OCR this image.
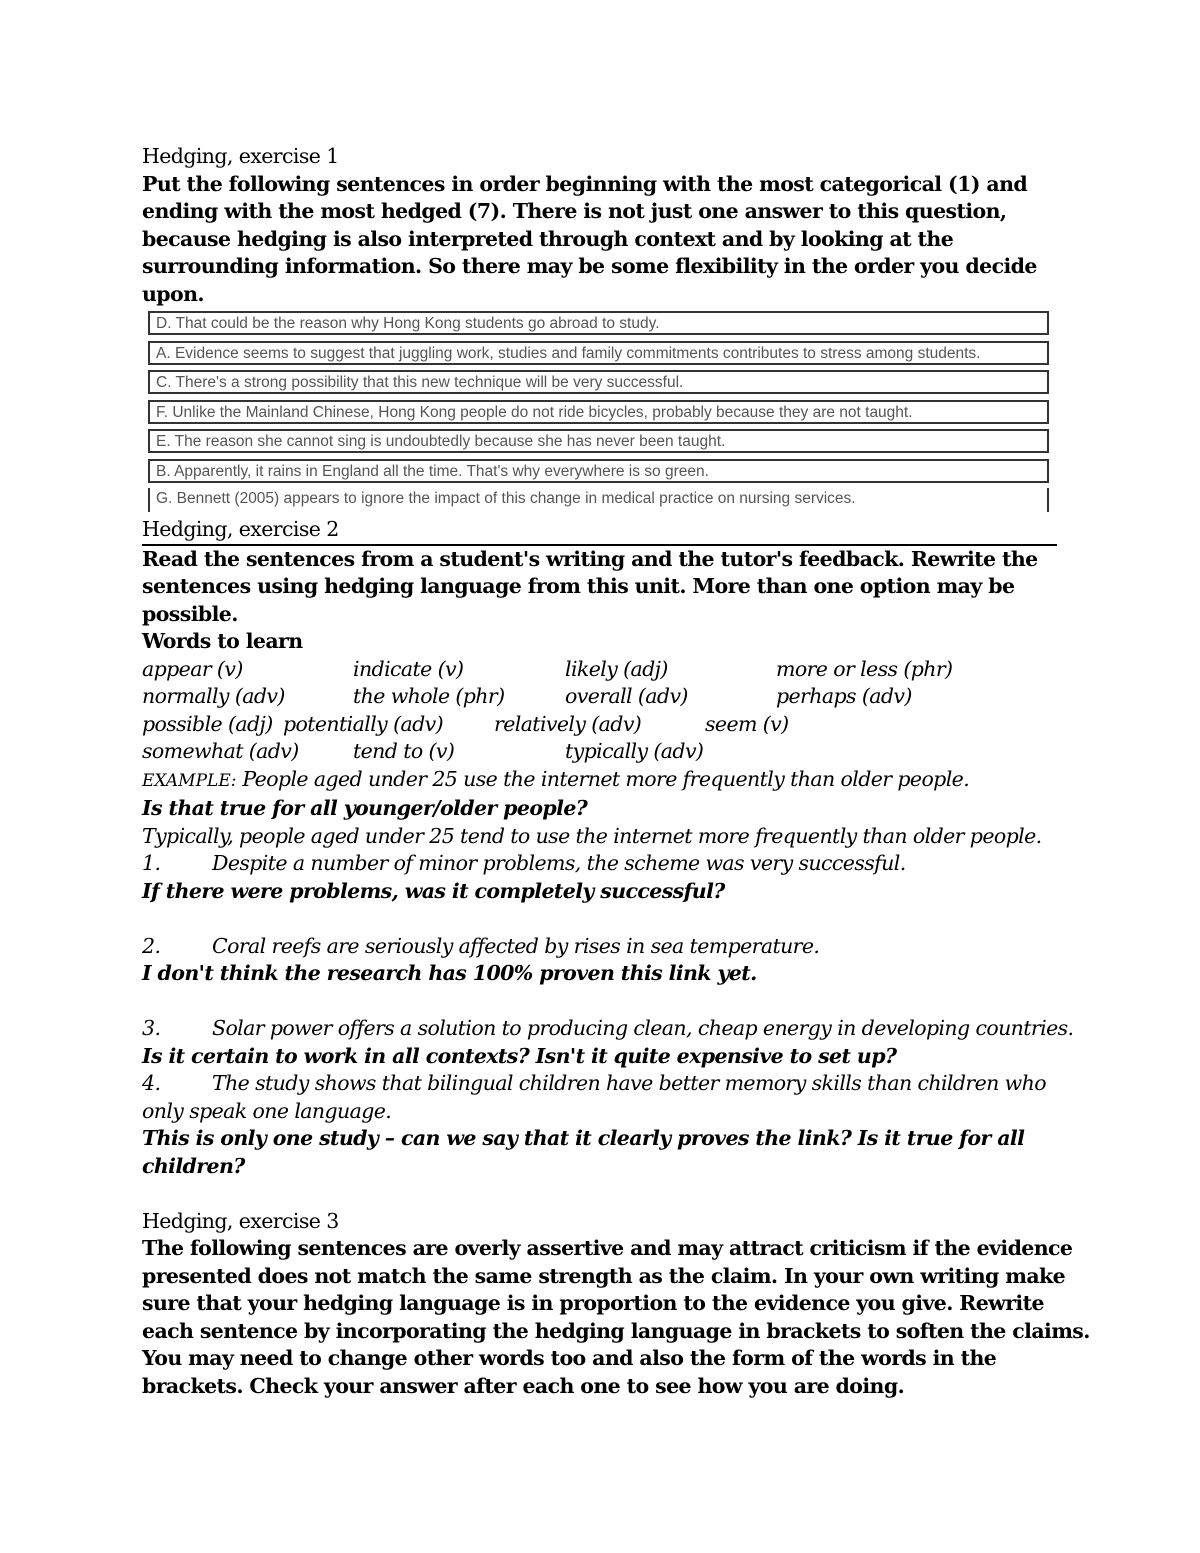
Hedging, exercise 1
Put the following sentences in order beginning with the most categorical (1) and
ending with the most hedged (7). There is not just one answer to this question,
because hedging is also interpreted through context and by looking at the
surrounding information. So there may be some flexibility in the order you decide
upon.
D. That could be the reason why Hong Kong students go abroad to study.
A. Evidence seems to suggest that juggling work, studies and family commitments contributes to stress among students.
C. There's a strong possibility that this new technique will be very successful.
F. Unlike the Mainland Chinese, Hong Kong people do not ride bicycles, probably because they are not taught.
E. The reason she cannot sing is undoubtedly because she has never been taught.
B. Apparently, it rains in England all the time. That's why everywhere is so green.
G. Bennett (2005) appears to ignore the impact of this change in medical practice on nursing services.
Hedging, exercise 2
Read the sentences from a student's writing and the tutor's feedback. Rewrite the
sentences using hedging language from this unit. More than one option may be
possible.
Words to learn
appear (v)	indicate (v)	likely (adj)	more or less (phr)
normally (adv)	the whole (phr)	overall (adv)	perhaps (adv)
possible (adj) potentially (adv) relatively (adv)	seem (v)
somewhat (adv)	tend to (v)	typically (adv)
EXAMPLE: People aged under 25 use the internet more frequently than older people.
Is that true for all younger/older people?
Typically, people aged under 25 tend to use the internet more frequently than older people.
1.	Despite a number of minor problems, the scheme was very successful.
If there were problems, was it completely successful?
2.	Coral reefs are seriously affected by rises in sea temperature.
I don't think the research has 100% proven this link yet.
3.	Solar power offers a solution to producing clean, cheap energy in developing countries.
Is it certain to work in all contexts? Isn't it quite expensive to set up?
4.	The study shows that bilingual children have better memory skills than children who
only speak one language.
This is only one study – can we say that it clearly proves the link? Is it true for all
children?
Hedging, exercise 3
The following sentences are overly assertive and may attract criticism if the evidence
presented does not match the same strength as the claim. In your own writing make
sure that your hedging language is in proportion to the evidence you give. Rewrite
each sentence by incorporating the hedging language in brackets to soften the claims.
You may need to change other words too and also the form of the words in the
brackets. Check your answer after each one to see how you are doing.
